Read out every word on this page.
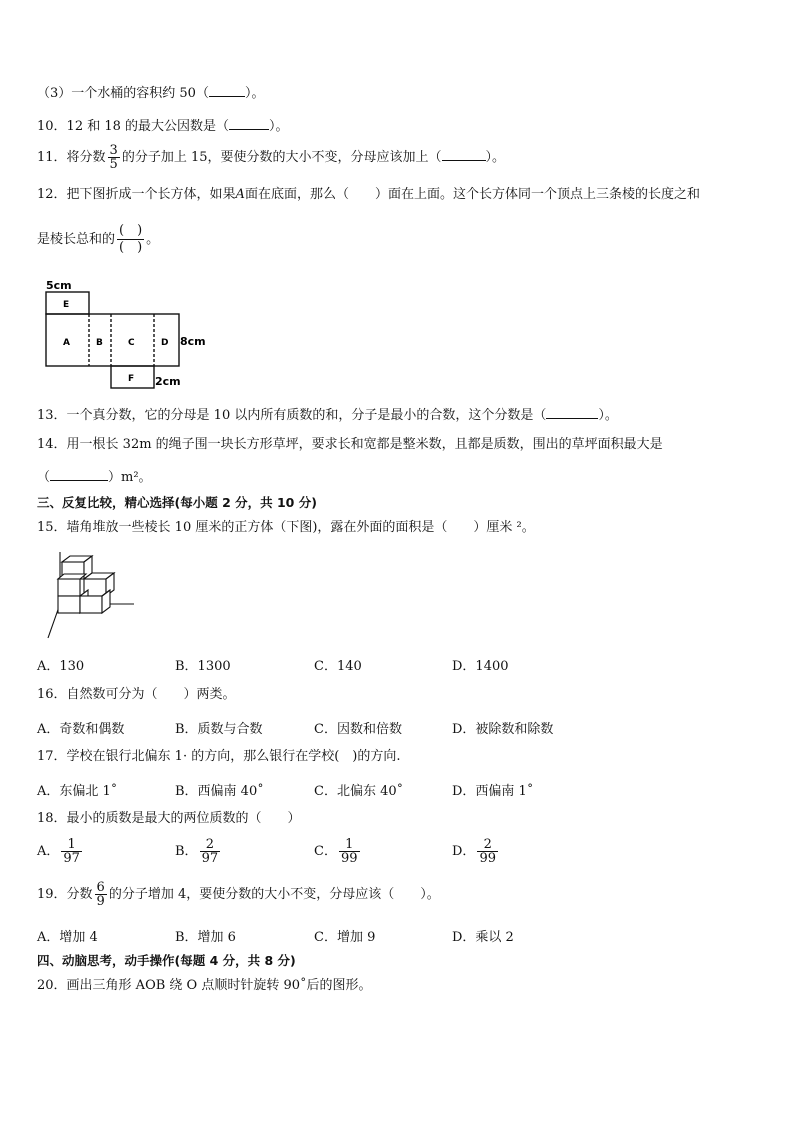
（3）一个水桶的容积约 50（	）。
10．12 和 18 的最大公因数是（	）。
11．将分数 $\frac{3}{5}$ 的分子加上 15，要使分数的大小不变，分母应该加上（	）。
12．把下图折成一个长方体，如果A面在底面，那么（　　）面在上面。这个长方体同一个顶点上三条棱的长度之和
是棱长总和的 $\frac{( )}{( )}$ 。
5cm
8cm
2cm
A	B	C	D
E
F
13．一个真分数，它的分母是 10 以内所有质数的和，分子是最小的合数，这个分数是（	）。
14．用一根长 32m 的绳子围一块长方形草坪，要求长和宽都是整米数，且都是质数，围出的草坪面积最大是
（	）m²。
三、反复比较，精心选择(每小题 2 分，共 10 分)
15．墙角堆放一些棱长 10 厘米的正方体（下图)，露在外面的面积是（　　）厘米 ²。
A．130	B．1300	C．140	D．1400
16．自然数可分为（　　）两类。
A．奇数和偶数	B．质数与合数	C．因数和倍数	D．被除数和除数
17．学校在银行北偏东 1· 的方向，那么银行在学校(　)的方向.
A．东偏北 1˚	B．西偏南 40˚	C．北偏东 40˚	D．西偏南 1˚
18．最小的质数是最大的两位质数的（　　）
A． $\frac{1}{97}$	B． $\frac{2}{97}$	C． $\frac{1}{99}$	D． $\frac{2}{99}$
19．分数 $\frac{6}{9}$ 的分子增加 4，要使分数的大小不变，分母应该（　　）。
A．增加 4	B．增加 6	C．增加 9	D．乘以 2
四、动脑思考，动手操作(每题 4 分，共 8 分)
20．画出三角形 AOB 绕 O 点顺时针旋转 90˚后的图形。
